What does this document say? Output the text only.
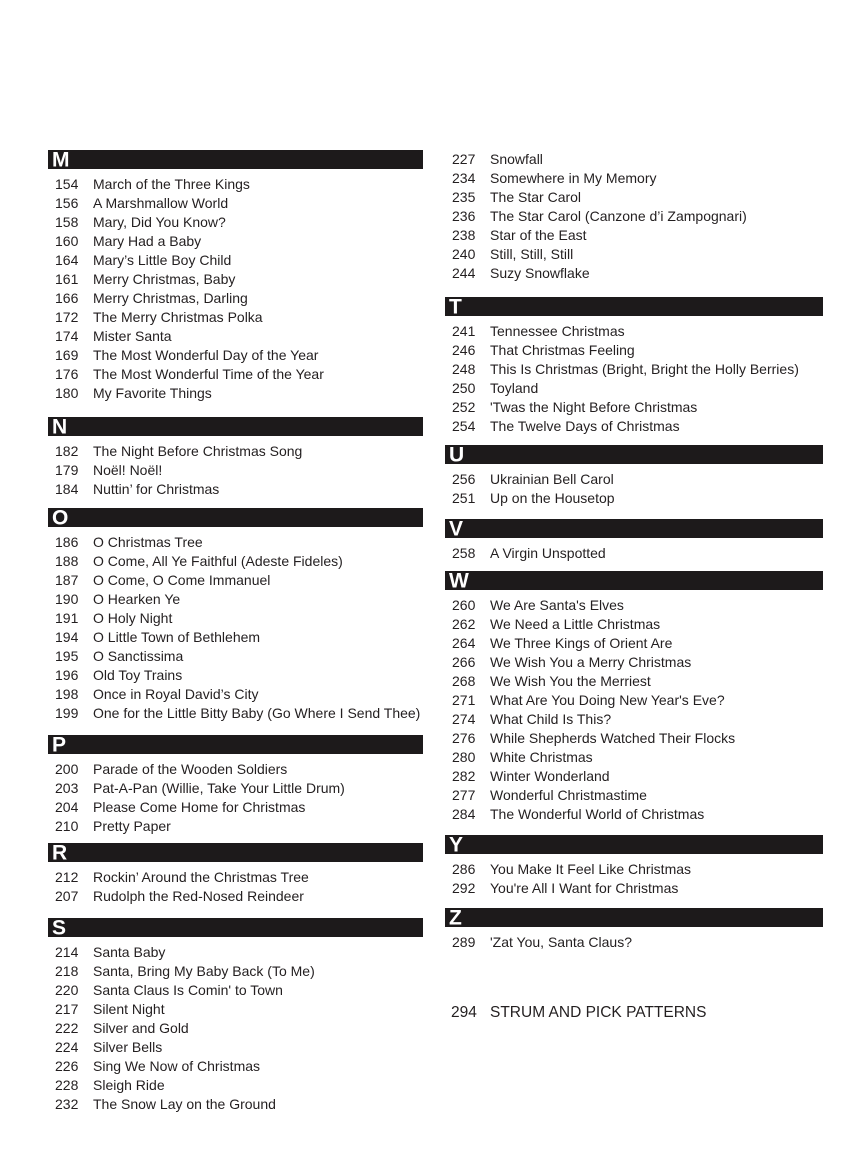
M
154	March of the Three Kings
156	A Marshmallow World
158	Mary, Did You Know?
160	Mary Had a Baby
164	Mary’s Little Boy Child
161	Merry Christmas, Baby
166	Merry Christmas, Darling
172	The Merry Christmas Polka
174	Mister Santa
169	The Most Wonderful Day of the Year
176	The Most Wonderful Time of the Year
180	My Favorite Things
N
182	The Night Before Christmas Song
179	Noël! Noël!
184	Nuttin’ for Christmas
O
186	O Christmas Tree
188	O Come, All Ye Faithful (Adeste Fideles)
187	O Come, O Come Immanuel
190	O Hearken Ye
191	O Holy Night
194	O Little Town of Bethlehem
195	O Sanctissima
196	Old Toy Trains
198	Once in Royal David’s City
199	One for the Little Bitty Baby (Go Where I Send Thee)
P
200	Parade of the Wooden Soldiers
203	Pat-A-Pan (Willie, Take Your Little Drum)
204	Please Come Home for Christmas
210	Pretty Paper
R
212	Rockin’ Around the Christmas Tree
207	Rudolph the Red-Nosed Reindeer
S
214	Santa Baby
218	Santa, Bring My Baby Back (To Me)
220	Santa Claus Is Comin' to Town
217	Silent Night
222	Silver and Gold
224	Silver Bells
226	Sing We Now of Christmas
228	Sleigh Ride
232	The Snow Lay on the Ground
227	Snowfall
234	Somewhere in My Memory
235	The Star Carol
236	The Star Carol (Canzone d’i Zampognari)
238	Star of the East
240	Still, Still, Still
244	Suzy Snowflake
T
241	Tennessee Christmas
246	That Christmas Feeling
248	This Is Christmas (Bright, Bright the Holly Berries)
250	Toyland
252	'Twas the Night Before Christmas
254	The Twelve Days of Christmas
U
256	Ukrainian Bell Carol
251	Up on the Housetop
V
258	A Virgin Unspotted
W
260	We Are Santa's Elves
262	We Need a Little Christmas
264	We Three Kings of Orient Are
266	We Wish You a Merry Christmas
268	We Wish You the Merriest
271	What Are You Doing New Year's Eve?
274	What Child Is This?
276	While Shepherds Watched Their Flocks
280	White Christmas
282	Winter Wonderland
277	Wonderful Christmastime
284	The Wonderful World of Christmas
Y
286	You Make It Feel Like Christmas
292	You're All I Want for Christmas
Z
289	'Zat You, Santa Claus?
294 STRUM AND PICK PATTERNS
